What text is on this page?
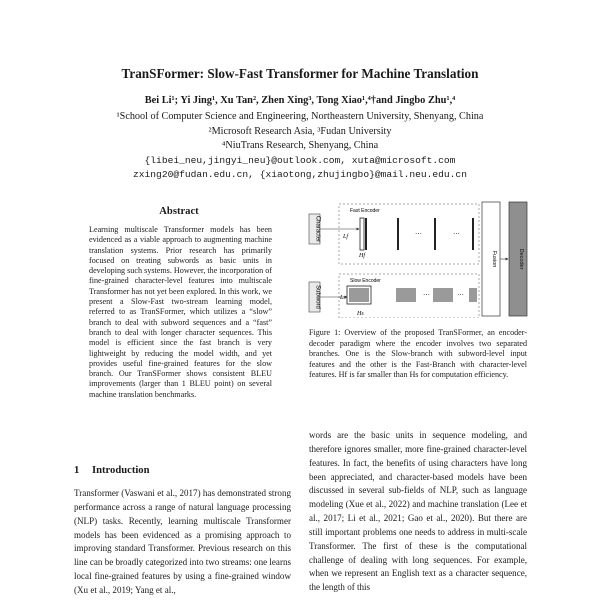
TranSFormer: Slow-Fast Transformer for Machine Translation
Bei Li¹; Yi Jing¹, Xu Tan², Zhen Xing³, Tong Xiao¹,⁴†and Jingbo Zhu¹,⁴
¹School of Computer Science and Engineering, Northeastern University, Shenyang, China
²Microsoft Research Asia, ³Fudan University
⁴NiuTrans Research, Shenyang, China
{libei_neu,jingyi_neu}@outlook.com, xuta@microsoft.com
zxing20@fudan.edu.cn, {xiaotong,zhujingbo}@mail.neu.edu.cn
Abstract
Learning multiscale Transformer models has been evidenced as a viable approach to augmenting machine translation systems. Prior research has primarily focused on treating subwords as basic units in developing such systems. However, the incorporation of fine-grained character-level features into multiscale Transformer has not yet been explored. In this work, we present a Slow-Fast two-stream learning model, referred to as TranSFormer, which utilizes a “slow” branch to deal with subword sequences and a “fast” branch to deal with longer character sequences. This model is efficient since the fast branch is very lightweight by reducing the model width, and yet provides useful fine-grained features for the slow branch. Our TranSFormer shows consistent BLEU improvements (larger than 1 BLEU point) on several machine translation benchmarks.
1 Introduction
Transformer (Vaswani et al., 2017) has demonstrated strong performance across a range of natural language processing (NLP) tasks. Recently, learning multiscale Transformer models has been evidenced as a promising approach to improving standard Transformer. Previous research on this line can be broadly categorized into two streams: one learns local fine-grained features by using a fine-grained window (Xu et al., 2019; Yang et al.,
words are the basic units in sequence modeling, and therefore ignores smaller, more fine-grained character-level features. In fact, the benefits of using characters have long been appreciated, and character-based models have been discussed in several sub-fields of NLP, such as language modeling (Xue et al., 2022) and machine translation (Lee et al., 2017; Li et al., 2021; Gao et al., 2020). But there are still important problems one needs to address in multi-scale Transformer. The first of these is the computational challenge of dealing with long sequences. For example, when we represent an English text as a character sequence, the length of this
Character
Subword
Fast Encoder
Lf
Hf
···	···
Slow Encoder
Ls
Hs
···	···
Fusion	Decoder
Figure 1: Overview of the proposed TranSFormer, an encoder-decoder paradigm where the encoder involves two separated branches. One is the Slow-branch with subword-level input features and the other is the Fast-Branch with character-level features. Hf is far smaller than Hs for computation efficiency.
